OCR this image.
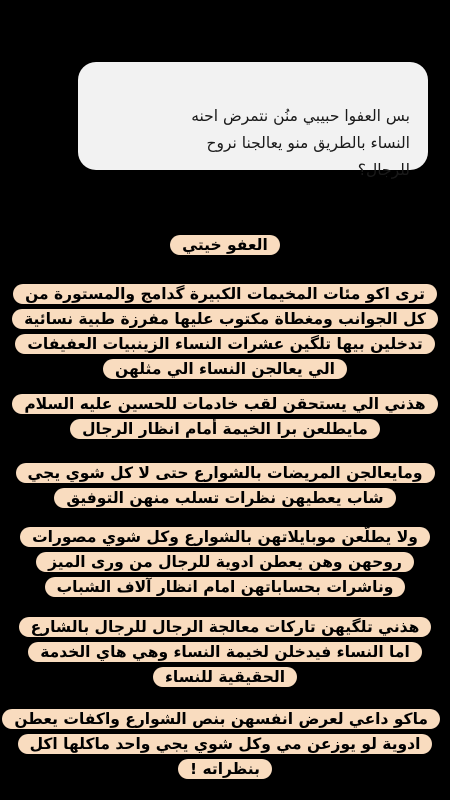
بس العفوا حبيبي منُن نتمرض احنه
النساء بالطريق منو يعالجنا نروح
للرجال؟

العفو خيتي

ترى اكو مئات المخيمات الكبيرة گدامج والمستورة من
كل الجوانب ومغطاة مكتوب عليها مفرزة طبية نسائية
تدخلين بيها تلگين عشرات النساء الزينبيات العفيفات
الي يعالجن النساء الي مثلهن

هذني الي يستحقن لقب خادمات للحسين عليه السلام
مايطلعن برا الخيمة أمام انظار الرجال

ومايعالجن المريضات بالشوارع حتى لا كل شوي يجي
شاب يعطيهن نظرات تسلب منهن التوفيق

ولا يطلّعن موبايلاتهن بالشوارع وكل شوي مصورات
روحهن وهن يعطن ادوية للرجال من وری المیز
وناشرات بحساباتهن امام انظار آلاف الشباب

هذني تلگيهن تاركات معالجة الرجال للرجال بالشارع
اما النساء فيدخلن لخيمة النساء وهي هاي الخدمة
الحقيقية للنساء

ماكو داعي لعرض انفسهن بنص الشوارع واكفات يعطن
ادوية لو يوزعن مي وكل شوي يجي واحد ماكلها اكل
بنظراته !
